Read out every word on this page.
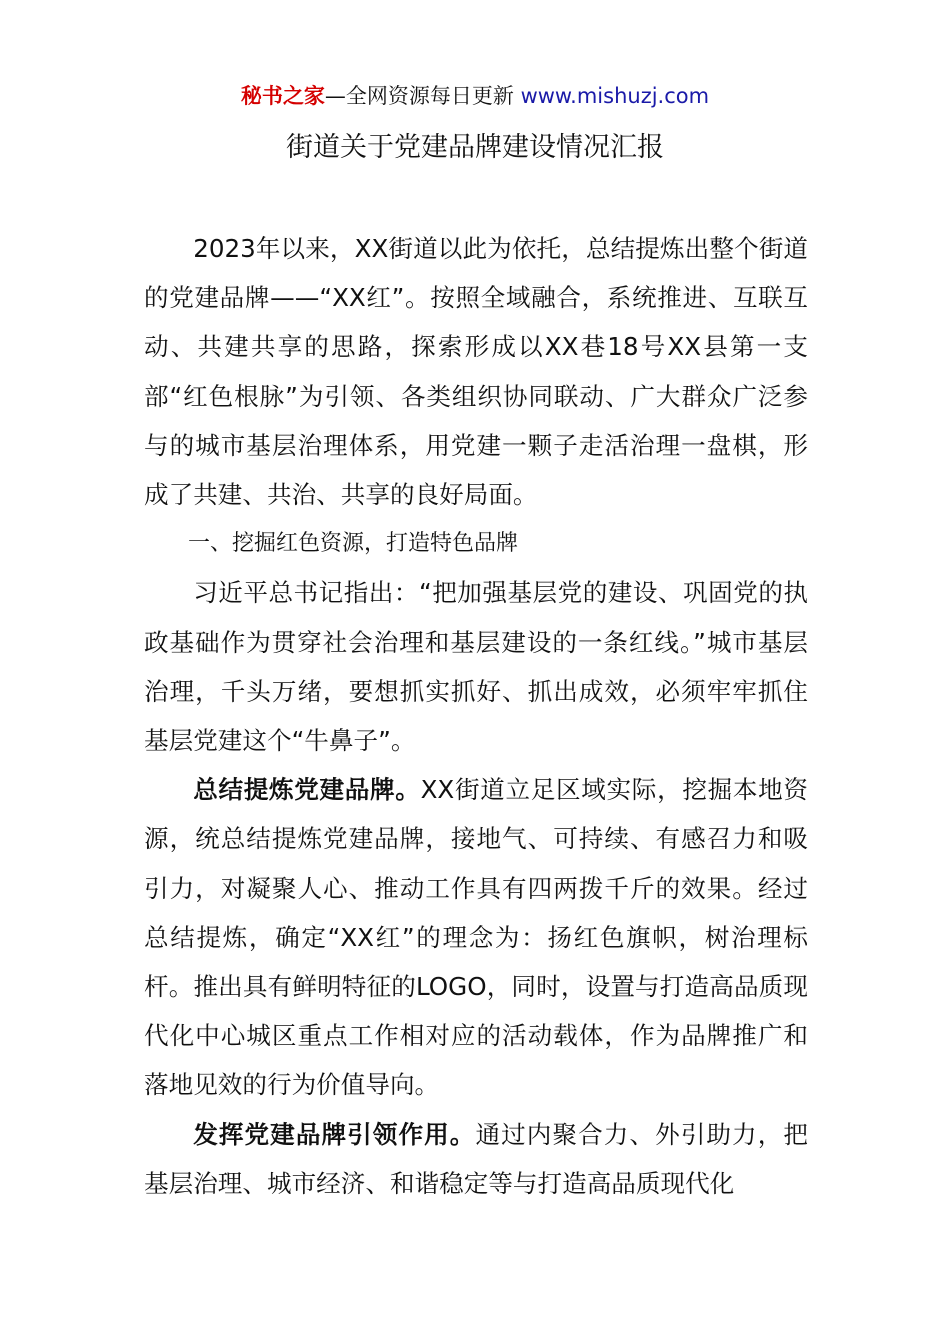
秘书之家—全网资源每日更新 www.mishuzj.com
街道关于党建品牌建设情况汇报

2023年以来，XX街道以此为依托，总结提炼出整个街道的党建品牌——“XX红”。按照全域融合，系统推进、互联互动、共建共享的思路，探索形成以XX巷18号XX县第一支部“红色根脉”为引领、各类组织协同联动、广大群众广泛参与的城市基层治理体系，用党建一颗子走活治理一盘棋，形成了共建、共治、共享的良好局面。

一、挖掘红色资源，打造特色品牌

习近平总书记指出：“把加强基层党的建设、巩固党的执政基础作为贯穿社会治理和基层建设的一条红线。”城市基层治理，千头万绪，要想抓实抓好、抓出成效，必须牢牢抓住基层党建这个“牛鼻子”。

总结提炼党建品牌。XX街道立足区域实际，挖掘本地资源，统总结提炼党建品牌，接地气、可持续、有感召力和吸引力，对凝聚人心、推动工作具有四两拨千斤的效果。经过总结提炼，确定“XX红”的理念为：扬红色旗帜，树治理标杆。推出具有鲜明特征的LOGO，同时，设置与打造高品质现代化中心城区重点工作相对应的活动载体，作为品牌推广和落地见效的行为价值导向。

发挥党建品牌引领作用。通过内聚合力、外引助力，把基层治理、城市经济、和谐稳定等与打造高品质现代化
